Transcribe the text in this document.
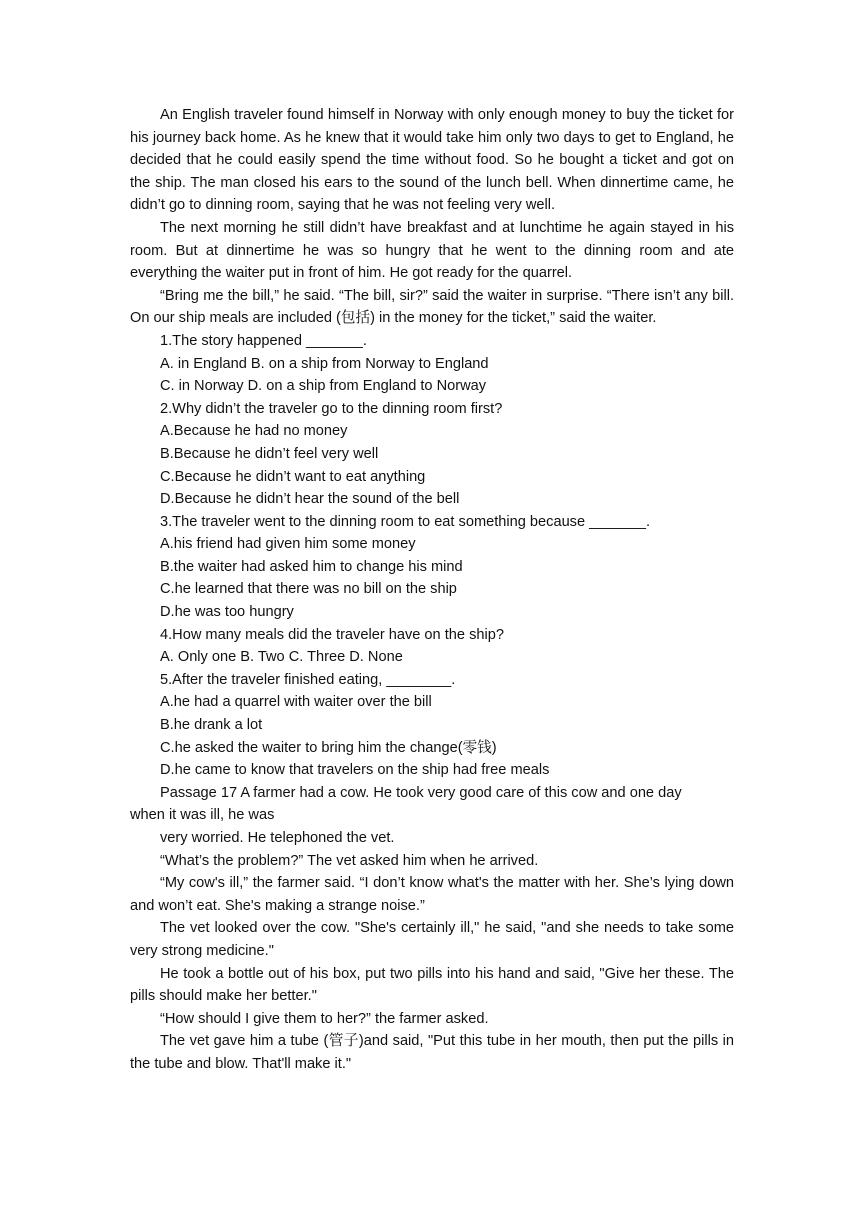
An English traveler found himself in Norway with only enough money to buy the ticket for his journey back home. As he knew that it would take him only two days to get to England, he decided that he could easily spend the time without food. So he bought a ticket and got on the ship. The man closed his ears to the sound of the lunch bell. When dinnertime came, he didn’t go to dinning room, saying that he was not feeling very well.

The next morning he still didn’t have breakfast and at lunchtime he again stayed in his room. But at dinnertime he was so hungry that he went to the dinning room and ate everything the waiter put in front of him. He got ready for the quarrel.

“Bring me the bill,” he said. “The bill, sir?” said the waiter in surprise. “There isn’t any bill. On our ship meals are included (包括) in the money for the ticket,” said the waiter.

1.The story happened _______.

A. in England B. on a ship from Norway to England

C. in Norway D. on a ship from England to Norway

2.Why didn’t the traveler go to the dinning room first?

A.Because he had no money

B.Because he didn’t feel very well

C.Because he didn’t want to eat anything

D.Because he didn’t hear the sound of the bell

3.The traveler went to the dinning room to eat something because _______.

A.his friend had given him some money

B.the waiter had asked him to change his mind

C.he learned that there was no bill on the ship

D.he was too hungry

4.How many meals did the traveler have on the ship?

A. Only one B. Two C. Three D. None

5.After the traveler finished eating, ________.

A.he had a quarrel with waiter over the bill

B.he drank a lot

C.he asked the waiter to bring him the change(零钱)

D.he came to know that travelers on the ship had free meals

Passage 17 A farmer had a cow. He took very good care of this cow and one day

when it was ill, he was

very worried. He telephoned the vet.

“What’s the problem?” The vet asked him when he arrived.

“My cow's ill,” the farmer said. “I don’t know what's the matter with her. She’s lying down and won’t eat. She's making a strange noise.”

The vet looked over the cow. "She's certainly ill," he said, "and she needs to take some very strong medicine."

He took a bottle out of his box, put two pills into his hand and said, "Give her these. The pills should make her better."

“How should I give them to her?” the farmer asked.

The vet gave him a tube (管子)and said, "Put this tube in her mouth, then put the pills in the tube and blow. That'll make it."
